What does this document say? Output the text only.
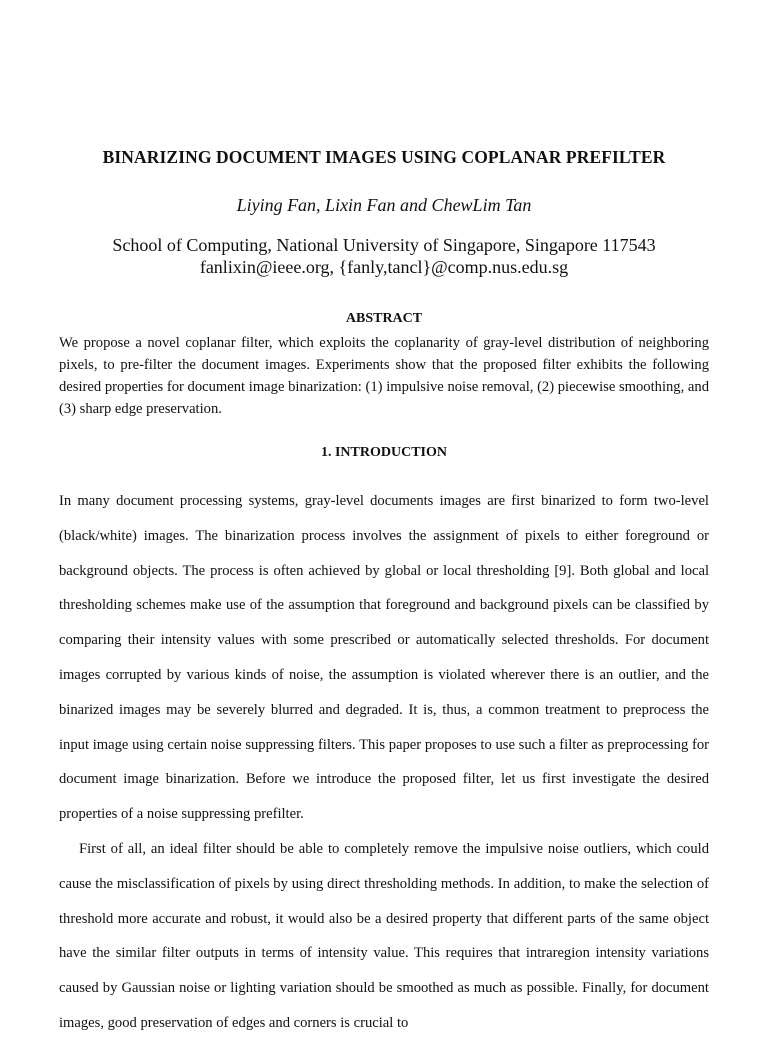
BINARIZING DOCUMENT IMAGES USING COPLANAR PREFILTER
Liying Fan, Lixin Fan and ChewLim Tan
School of Computing, National University of Singapore, Singapore 117543
fanlixin@ieee.org, {fanly,tancl}@comp.nus.edu.sg
ABSTRACT
We propose a novel coplanar filter, which exploits the coplanarity of gray-level distribution of neighboring pixels, to pre-filter the document images. Experiments show that the proposed filter exhibits the following desired properties for document image binarization: (1) impulsive noise removal, (2) piecewise smoothing, and (3) sharp edge preservation.
1. INTRODUCTION

In many document processing systems, gray-level documents images are first binarized to form two-level (black/white) images. The binarization process involves the assignment of pixels to either foreground or background objects. The process is often achieved by global or local thresholding [9]. Both global and local thresholding schemes make use of the assumption that foreground and background pixels can be classified by comparing their intensity values with some prescribed or automatically selected thresholds. For document images corrupted by various kinds of noise, the assumption is violated wherever there is an outlier, and the binarized images may be severely blurred and degraded. It is, thus, a common treatment to preprocess the input image using certain noise suppressing filters. This paper proposes to use such a filter as preprocessing for document image binarization. Before we introduce the proposed filter, let us first investigate the desired properties of a noise suppressing prefilter.

First of all, an ideal filter should be able to completely remove the impulsive noise outliers, which could cause the misclassification of pixels by using direct thresholding methods. In addition, to make the selection of threshold more accurate and robust, it would also be a desired property that different parts of the same object have the similar filter outputs in terms of intensity value. This requires that intraregion intensity variations caused by Gaussian noise or lighting variation should be smoothed as much as possible. Finally, for document images, good preservation of edges and corners is crucial to
